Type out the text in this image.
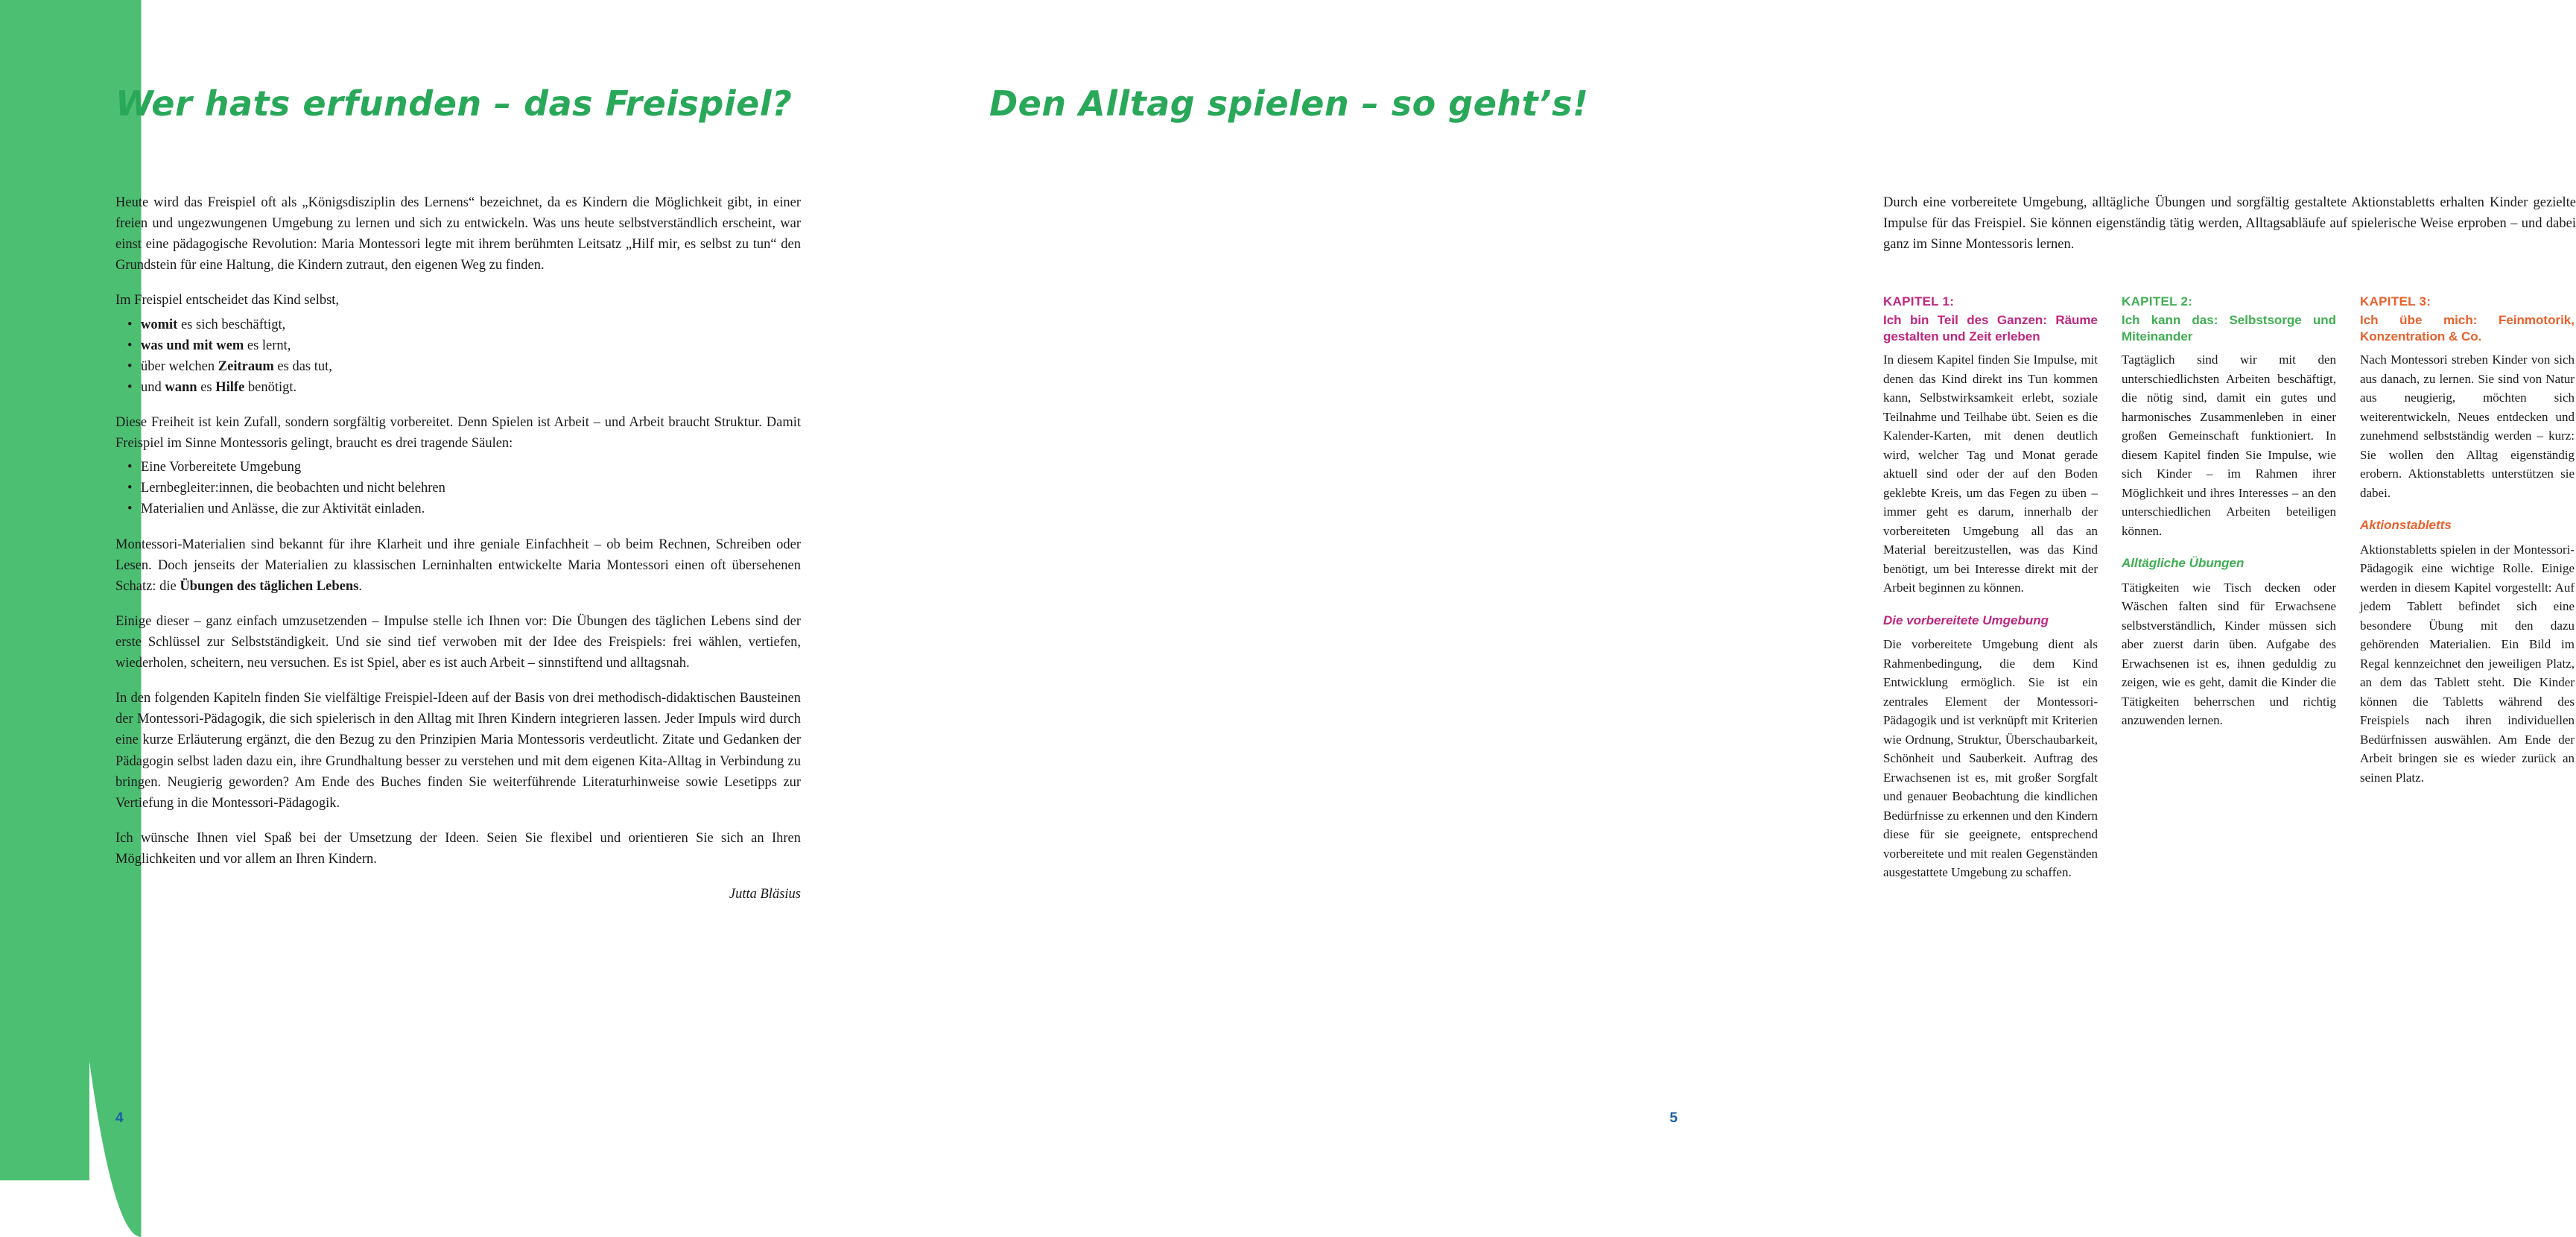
Wer hats erfunden – das Freispiel?

Heute wird das Freispiel oft als „Königsdisziplin des Lernens“ bezeichnet, da es Kindern die Möglichkeit gibt, in einer freien und ungezwungenen Umgebung zu lernen und sich zu entwickeln. Was uns heute selbstverständlich erscheint, war einst eine pädagogische Revolution: Maria Montessori legte mit ihrem berühmten Leitsatz „Hilf mir, es selbst zu tun“ den Grundstein für eine Haltung, die Kindern zutraut, den eigenen Weg zu finden.

Im Freispiel entscheidet das Kind selbst,

• womit es sich beschäftigt,
• was und mit wem es lernt,
• über welchen Zeitraum es das tut,
• und wann es Hilfe benötigt.

Diese Freiheit ist kein Zufall, sondern sorgfältig vorbereitet. Denn Spielen ist Arbeit – und Arbeit braucht Struktur. Damit Freispiel im Sinne Montessoris gelingt, braucht es drei tragende Säulen:

• Eine Vorbereitete Umgebung
• Lernbegleiter:innen, die beobachten und nicht belehren
• Materialien und Anlässe, die zur Aktivität einladen.

Montessori-Materialien sind bekannt für ihre Klarheit und ihre geniale Einfachheit – ob beim Rechnen, Schreiben oder Lesen. Doch jenseits der Materialien zu klassischen Lerninhalten entwickelte Maria Montessori einen oft übersehenen Schatz: die Übungen des täglichen Lebens.

Einige dieser – ganz einfach umzusetzenden – Impulse stelle ich Ihnen vor: Die Übungen des täglichen Lebens sind der erste Schlüssel zur Selbstständigkeit. Und sie sind tief verwoben mit der Idee des Freispiels: frei wählen, vertiefen, wiederholen, scheitern, neu versuchen. Es ist Spiel, aber es ist auch Arbeit – sinnstiftend und alltagsnah.

In den folgenden Kapiteln finden Sie vielfältige Freispiel-Ideen auf der Basis von drei methodisch-didaktischen Bausteinen der Montessori-Pädagogik, die sich spielerisch in den Alltag mit Ihren Kindern integrieren lassen. Jeder Impuls wird durch eine kurze Erläuterung ergänzt, die den Bezug zu den Prinzipien Maria Montessoris verdeutlicht. Zitate und Gedanken der Pädagogin selbst laden dazu ein, ihre Grundhaltung besser zu verstehen und mit dem eigenen Kita-Alltag in Verbindung zu bringen. Neugierig geworden? Am Ende des Buches finden Sie weiterführende Literaturhinweise sowie Lesetipps zur Vertiefung in die Montessori-Pädagogik.

Ich wünsche Ihnen viel Spaß bei der Umsetzung der Ideen. Seien Sie flexibel und orientieren Sie sich an Ihren Möglichkeiten und vor allem an Ihren Kindern.

Jutta Bläsius

4
Den Alltag spielen – so geht’s!

Durch eine vorbereitete Umgebung, alltägliche Übungen und sorgfältig gestaltete Aktionstabletts erhalten Kinder gezielte Impulse für das Freispiel. Sie können eigenständig tätig werden, Alltagsabläufe auf spielerische Weise erproben – und dabei ganz im Sinne Montessoris lernen.

KAPITEL 1:
Ich bin Teil des Ganzen: Räume gestalten und Zeit erleben

In diesem Kapitel finden Sie Impulse, mit denen das Kind direkt ins Tun kommen kann, Selbstwirksamkeit erlebt, soziale Teilnahme und Teilhabe übt. Seien es die Kalender-Karten, mit denen deutlich wird, welcher Tag und Monat gerade aktuell sind oder der auf den Boden geklebte Kreis, um das Fegen zu üben – immer geht es darum, innerhalb der vorbereiteten Umgebung all das an Material bereitzustellen, was das Kind benötigt, um bei Interesse direkt mit der Arbeit beginnen zu können.

Die vorbereitete Umgebung

Die vorbereitete Umgebung dient als Rahmenbedingung, die dem Kind Entwicklung ermöglich. Sie ist ein zentrales Element der Montessori-Pädagogik und ist verknüpft mit Kriterien wie Ordnung, Struktur, Überschaubarkeit, Schönheit und Sauberkeit. Auftrag des Erwachsenen ist es, mit großer Sorgfalt und genauer Beobachtung die kindlichen Bedürfnisse zu erkennen und den Kindern diese für sie geeignete, entsprechend vorbereitete und mit realen Gegenständen ausgestattete Umgebung zu schaffen.

KAPITEL 2:
Ich kann das: Selbstsorge und Miteinander

Tagtäglich sind wir mit den unterschiedlichsten Arbeiten beschäftigt, die nötig sind, damit ein gutes und harmonisches Zusammenleben in einer großen Gemeinschaft funktioniert. In diesem Kapitel finden Sie Impulse, wie sich Kinder – im Rahmen ihrer Möglichkeit und ihres Interesses – an den unterschiedlichen Arbeiten beteiligen können.

Alltägliche Übungen

Tätigkeiten wie Tisch decken oder Wäschen falten sind für Erwachsene selbstverständlich, Kinder müssen sich aber zuerst darin üben. Aufgabe des Erwachsenen ist es, ihnen geduldig zu zeigen, wie es geht, damit die Kinder die Tätigkeiten beherrschen und richtig anzuwenden lernen.

KAPITEL 3:
Ich übe mich: Feinmotorik, Konzentration & Co.

Nach Montessori streben Kinder von sich aus danach, zu lernen. Sie sind von Natur aus neugierig, möchten sich weiterentwickeln, Neues entdecken und zunehmend selbstständig werden – kurz: Sie wollen den Alltag eigenständig erobern. Aktionstabletts unterstützen sie dabei.

Aktionstabletts

Aktionstabletts spielen in der Montessori-Pädagogik eine wichtige Rolle. Einige werden in diesem Kapitel vorgestellt: Auf jedem Tablett befindet sich eine besondere Übung mit den dazu gehörenden Materialien. Ein Bild im Regal kennzeichnet den jeweiligen Platz, an dem das Tablett steht. Die Kinder können die Tabletts während des Freispiels nach ihren individuellen Bedürfnissen auswählen. Am Ende der Arbeit bringen sie es wieder zurück an seinen Platz.

5
